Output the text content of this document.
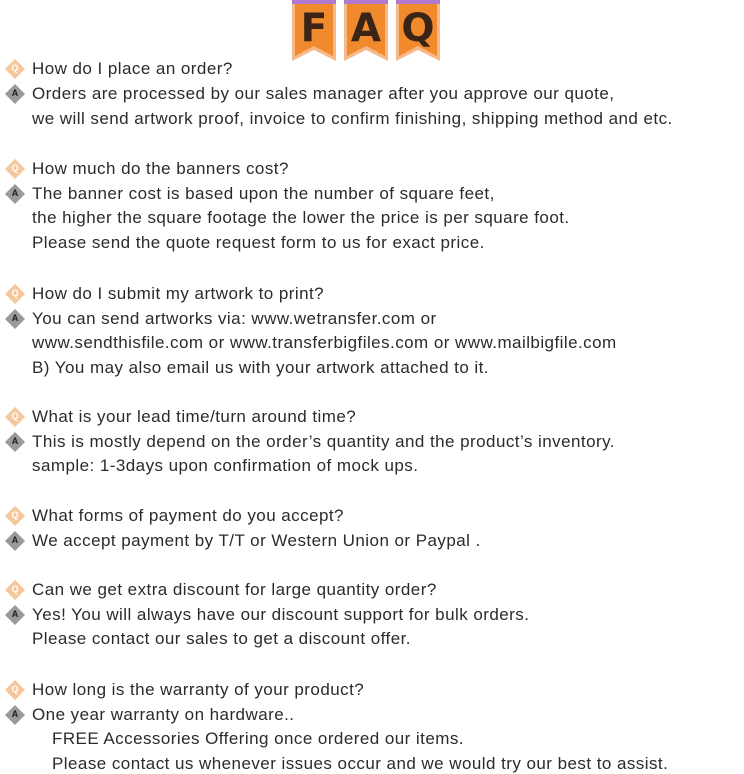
F A Q
Q How do I place an order?
A Orders are processed by our sales manager after you approve our quote,
we will send artwork proof, invoice to confirm finishing, shipping method and etc.
Q How much do the banners cost?
A The banner cost is based upon the number of square feet,
the higher the square footage the lower the price is per square foot.
Please send the quote request form to us for exact price.
Q How do I submit my artwork to print?
A You can send artworks via: www.wetransfer.com or
www.sendthisfile.com or www.transferbigfiles.com or www.mailbigfile.com
B) You may also email us with your artwork attached to it.
Q What is your lead time/turn around time?
A This is mostly depend on the order’s quantity and the product’s inventory.
sample: 1-3days upon confirmation of mock ups.
Q What forms of payment do you accept?
A We accept payment by T/T or Western Union or Paypal .
Q Can we get extra discount for large quantity order?
A Yes! You will always have our discount support for bulk orders.
Please contact our sales to get a discount offer.
Q How long is the warranty of your product?
A One year warranty on hardware..
FREE Accessories Offering once ordered our items.
Please contact us whenever issues occur and we would try our best to assist.
